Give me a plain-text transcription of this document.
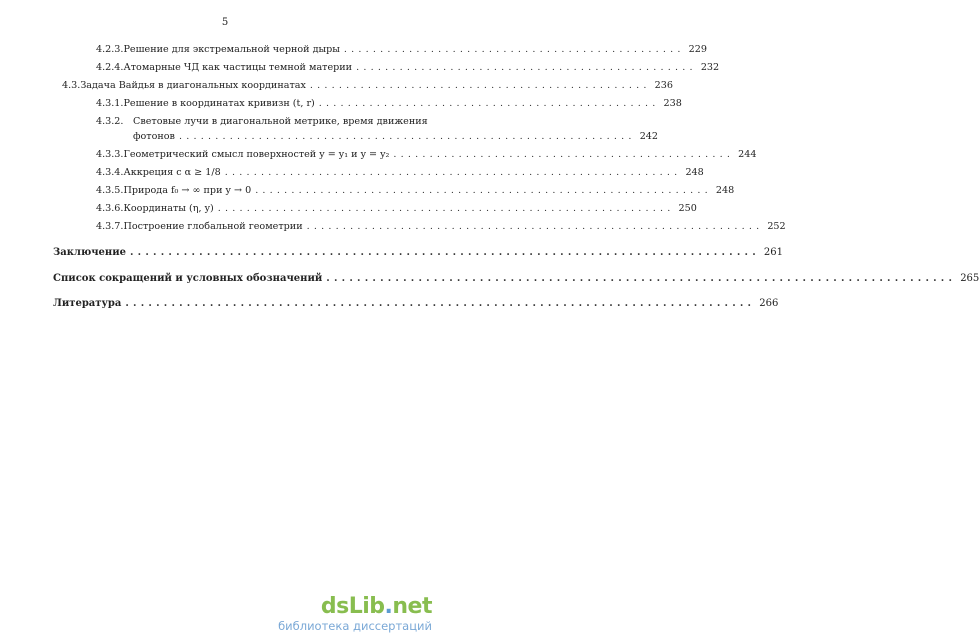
5
4.2.3. Решение для экстремальной черной дыры ............................................... 229
4.2.4. Атомарные ЧД как частицы темной материи ............................................... 232
4.3. Задача Вайдья в диагональных координатах ............................................... 236
4.3.1. Решение в координатах кривизн (t, r) ............................................... 238
4.3.2. Световые лучи в диагональной метрике, время движения
фотонов ............................................................... 242
4.3.3. Геометрический смысл поверхностей y = y₁ и y = y₂ ............................................... 244
4.3.4. Аккреция с α ≥ 1/8 ............................................................... 248
4.3.5. Природа f₀ → ∞ при y → 0 ............................................................... 248
4.3.6. Координаты (η, y) ............................................................... 250
4.3.7. Построение глобальной геометрии ............................................................... 252
Заключение .................................................................................. 261
Список сокращений и условных обозначений .................................................................................. 265
Литература .................................................................................. 266
dsLib.net
библиотека диссертаций
